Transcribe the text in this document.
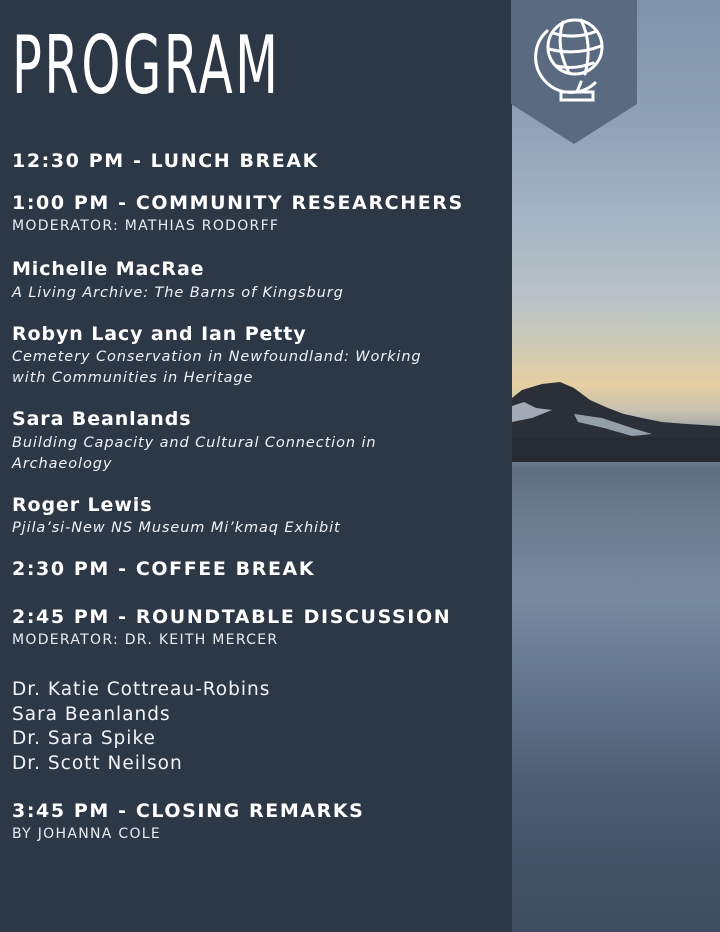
PROGRAM

12:30 PM - LUNCH BREAK

1:00 PM - COMMUNITY RESEARCHERS

MODERATOR: MATHIAS RODORFF

Michelle MacRae

A Living Archive: The Barns of Kingsburg

Robyn Lacy and Ian Petty

Cemetery Conservation in Newfoundland: Working

with Communities in Heritage

Sara Beanlands

Building Capacity and Cultural Connection in

Archaeology

Roger Lewis

Pjila’si-New NS Museum Mi’kmaq Exhibit

2:30 PM - COFFEE BREAK

2:45 PM - ROUNDTABLE DISCUSSION

MODERATOR: DR. KEITH MERCER

Dr. Katie Cottreau-Robins

Sara Beanlands

Dr. Sara Spike

Dr. Scott Neilson

3:45 PM - CLOSING REMARKS

BY JOHANNA COLE
